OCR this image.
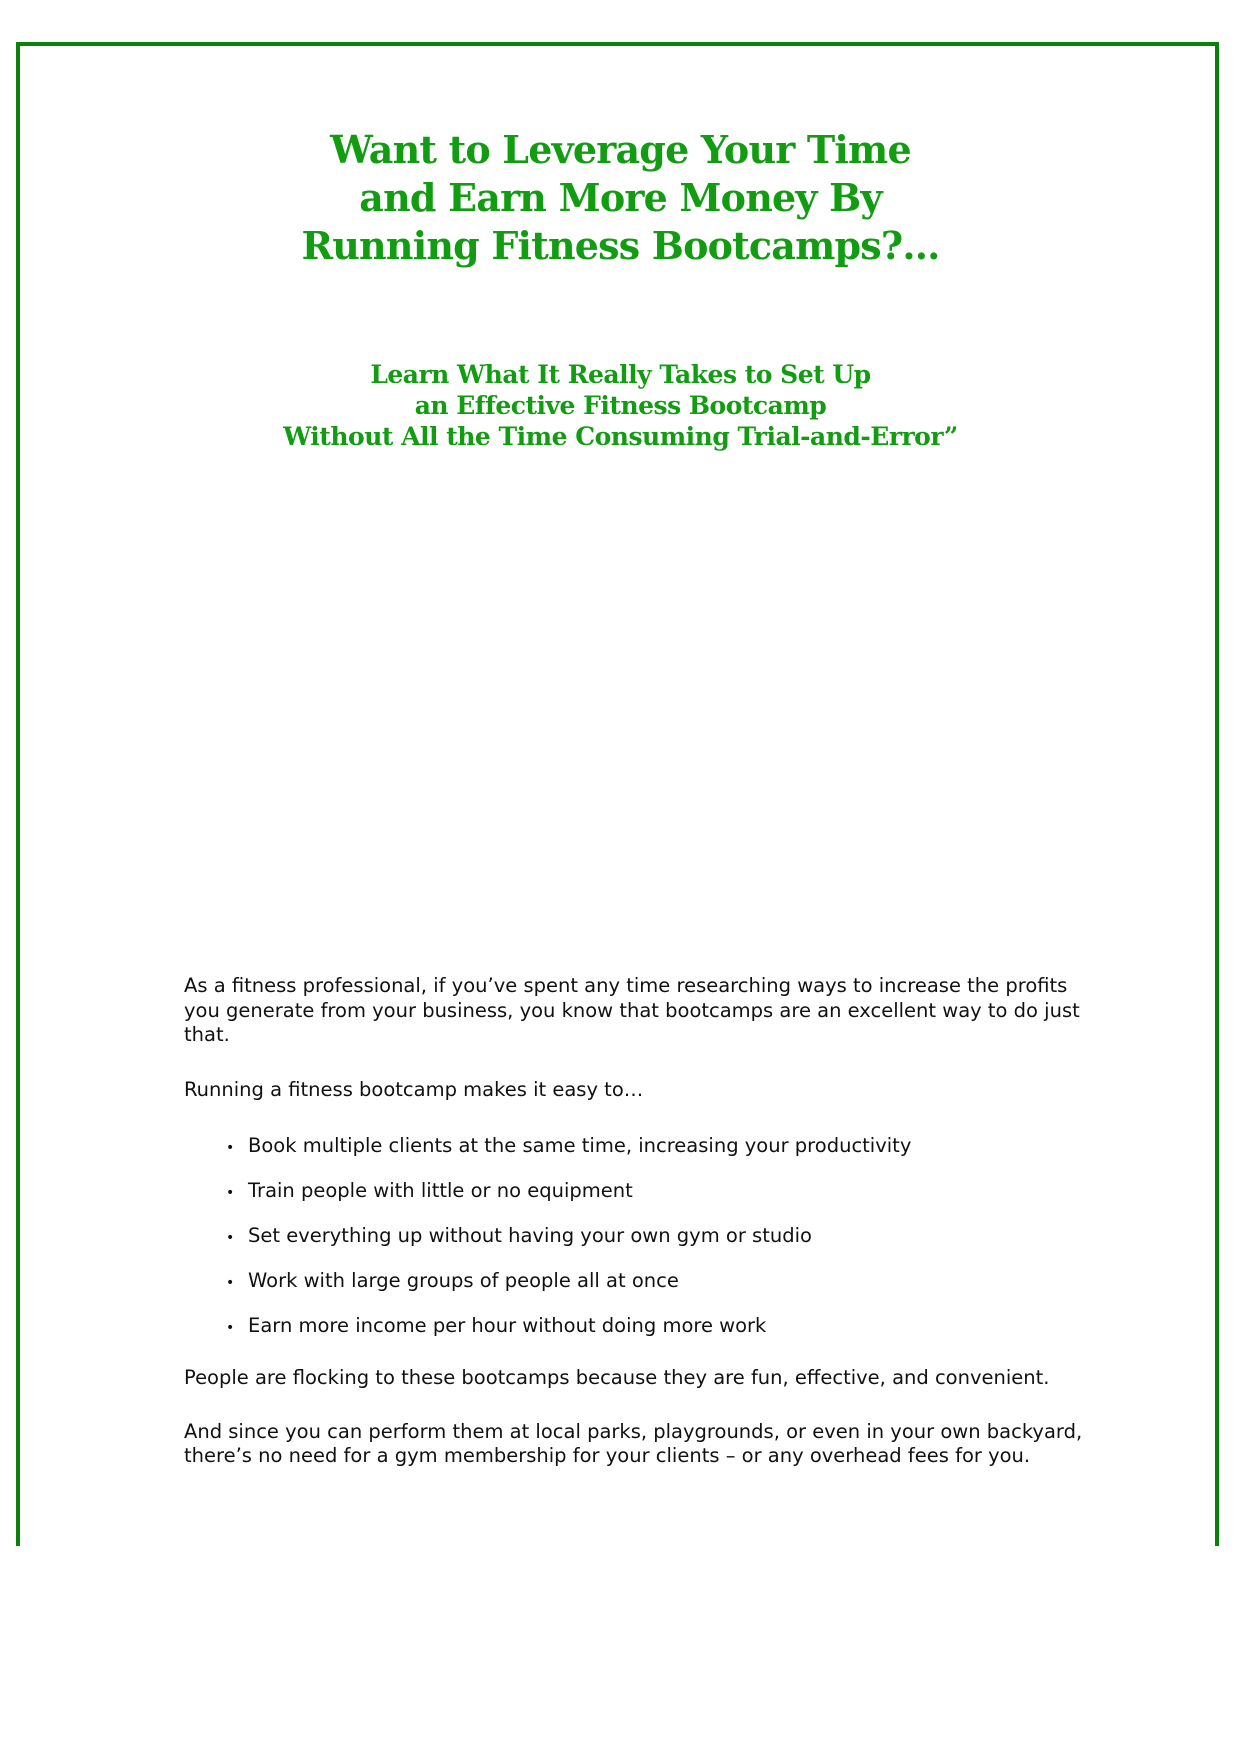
Want to Leverage Your Time
and Earn More Money By
Running Fitness Bootcamps?…
Learn What It Really Takes to Set Up
an Effective Fitness Bootcamp
Without All the Time Consuming Trial-and-Error”

As a fitness professional, if you’ve spent any time researching ways to increase the profits you generate from your business, you know that bootcamps are an excellent way to do just that.

Running a fitness bootcamp makes it easy to…

• Book multiple clients at the same time, increasing your productivity
• Train people with little or no equipment
• Set everything up without having your own gym or studio
• Work with large groups of people all at once
• Earn more income per hour without doing more work

People are flocking to these bootcamps because they are fun, effective, and convenient.

And since you can perform them at local parks, playgrounds, or even in your own backyard, there’s no need for a gym membership for your clients – or any overhead fees for you.
